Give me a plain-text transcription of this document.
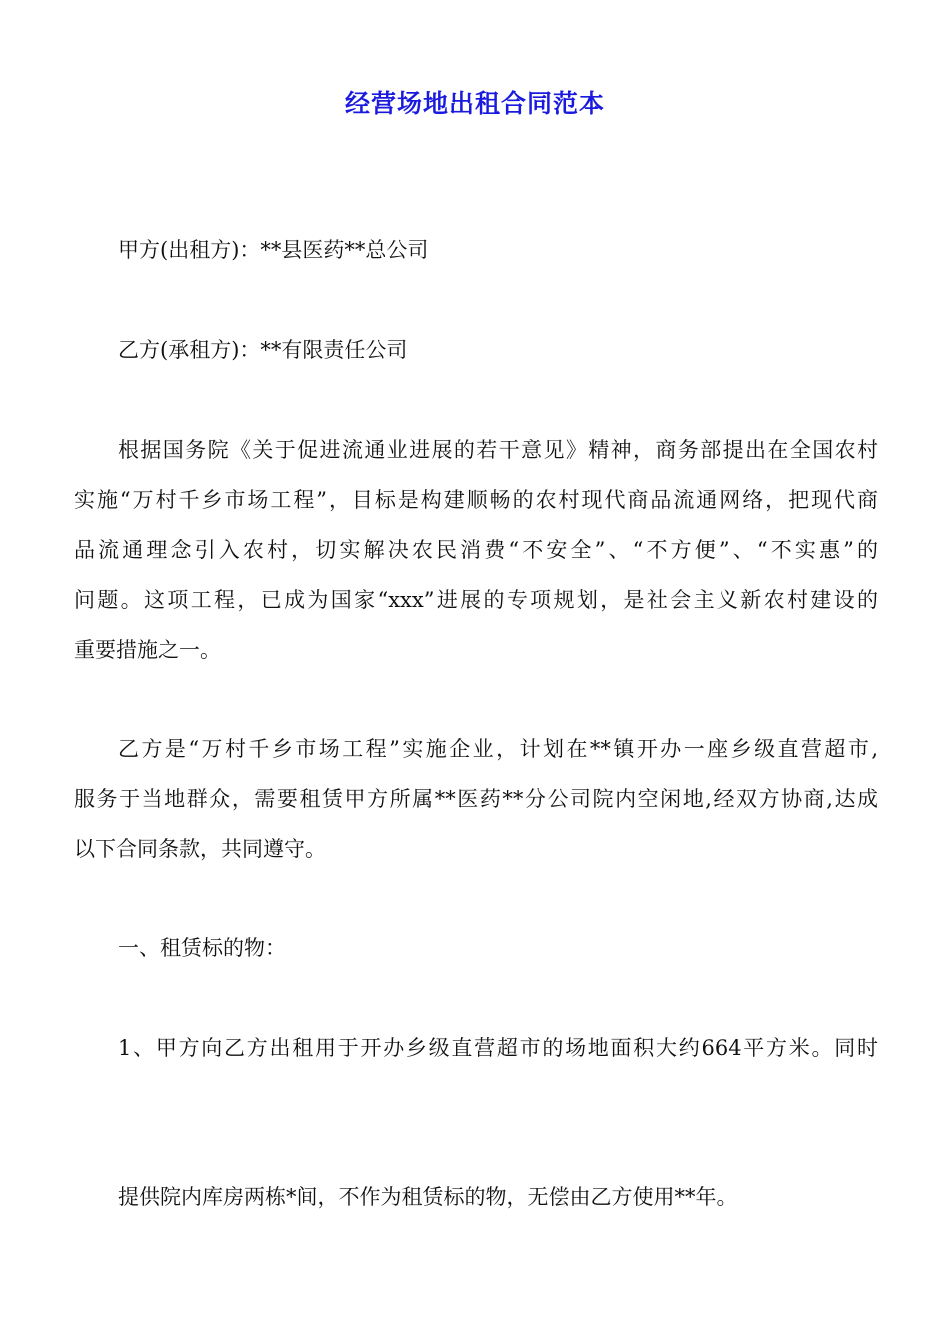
经营场地出租合同范本
甲方(出租方)：**县医药**总公司
乙方(承租方)：**有限责任公司
根据国务院《关于促进流通业进展的若干意见》精神，商务部提出在全国农村
实施“万村千乡市场工程”，目标是构建顺畅的农村现代商品流通网络，把现代商
品流通理念引入农村，切实解决农民消费“不安全”、“不方便”、“不实惠”的
问题。这项工程，已成为国家“xxx”进展的专项规划，是社会主义新农村建设的
重要措施之一。
乙方是“万村千乡市场工程”实施企业，计划在**镇开办一座乡级直营超市,
服务于当地群众，需要租赁甲方所属**医药**分公司院内空闲地,经双方协商,达成
以下合同条款，共同遵守。
一、租赁标的物：
1、甲方向乙方出租用于开办乡级直营超市的场地面积大约664平方米。同时
提供院内库房两栋*间，不作为租赁标的物，无偿由乙方使用**年。
